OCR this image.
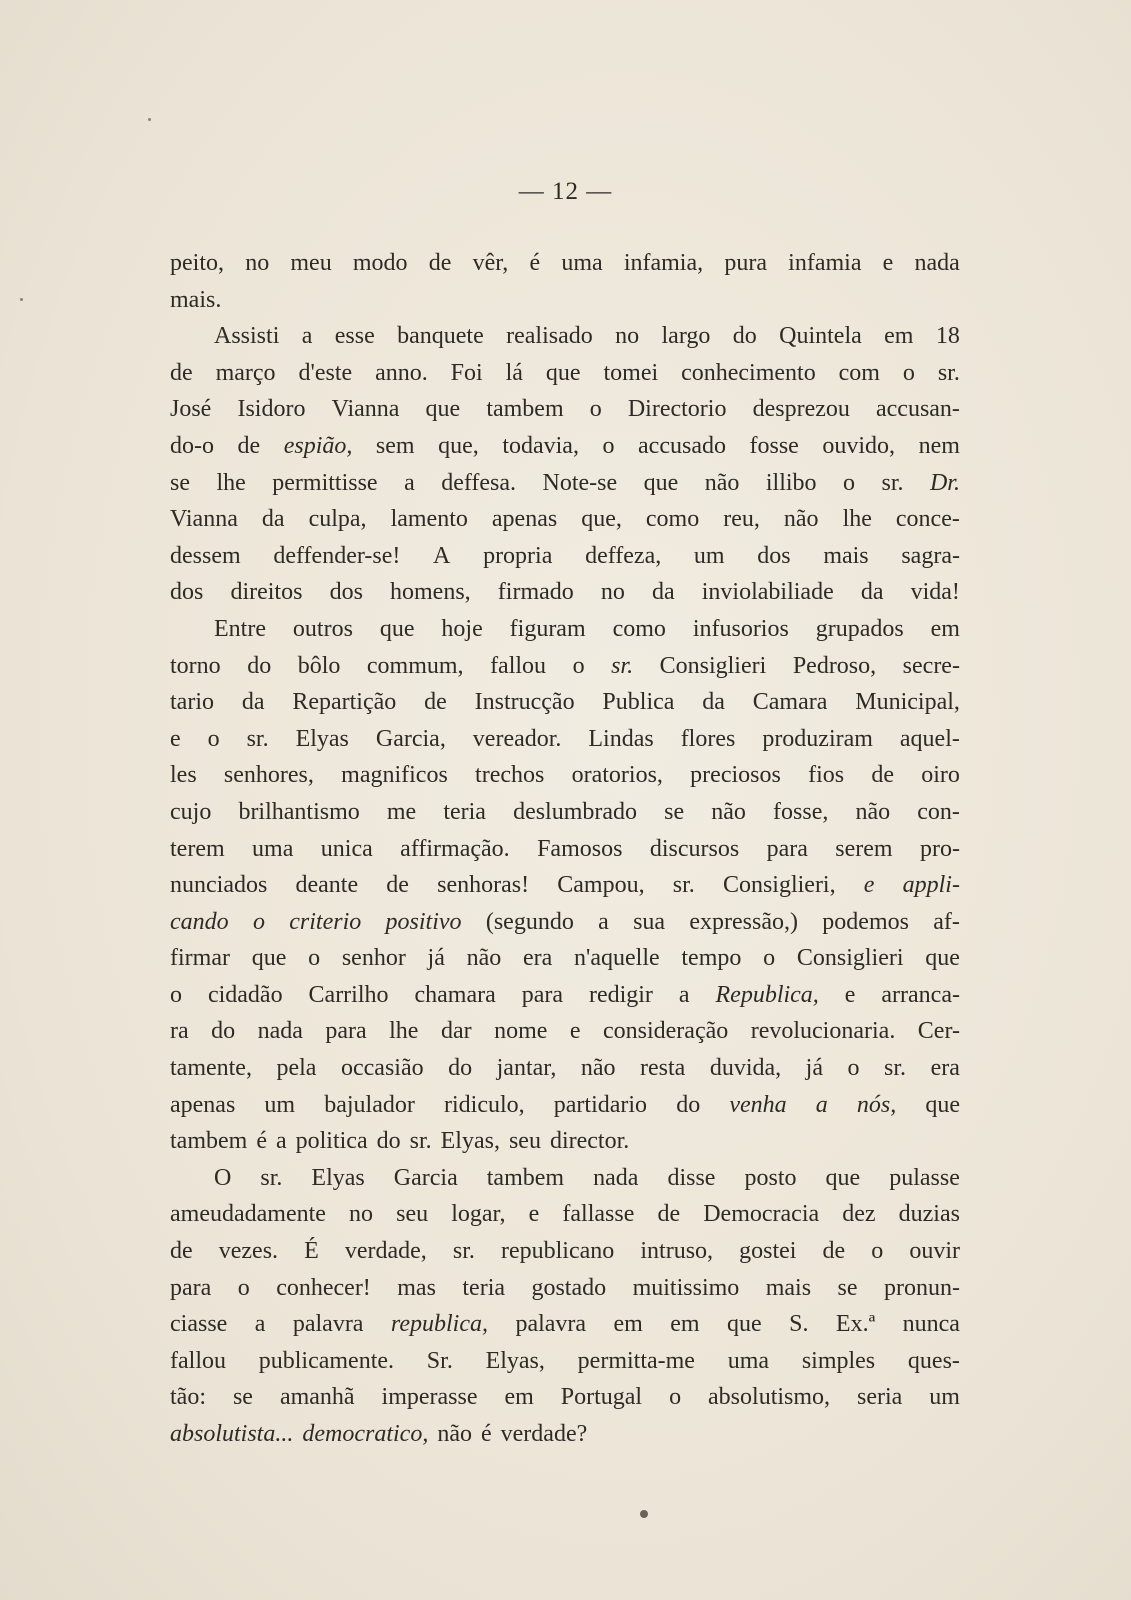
— 12 —
peito, no meu modo de vêr, é uma infamia, pura infamia e nada
mais.
Assisti a esse banquete realisado no largo do Quintela em 18
de março d'este anno. Foi lá que tomei conhecimento com o sr.
José Isidoro Vianna que tambem o Directorio desprezou accusan-
do-o de espião, sem que, todavia, o accusado fosse ouvido, nem
se lhe permittisse a deffesa. Note-se que não illibo o sr. Dr.
Vianna da culpa, lamento apenas que, como reu, não lhe conce-
dessem deffender-se! A propria deffeza, um dos mais sagra-
dos direitos dos homens, firmado no da inviolabiliade da vida!
Entre outros que hoje figuram como infusorios grupados em
torno do bôlo commum, fallou o sr. Consiglieri Pedroso, secre-
tario da Repartição de Instrucção Publica da Camara Municipal,
e o sr. Elyas Garcia, vereador. Lindas flores produziram aquel-
les senhores, magnificos trechos oratorios, preciosos fios de oiro
cujo brilhantismo me teria deslumbrado se não fosse, não con-
terem uma unica affirmação. Famosos discursos para serem pro-
nunciados deante de senhoras! Campou, sr. Consiglieri, e appli-
cando o criterio positivo (segundo a sua expressão,) podemos af-
firmar que o senhor já não era n'aquelle tempo o Consiglieri que
o cidadão Carrilho chamara para redigir a Republica, e arranca-
ra do nada para lhe dar nome e consideração revolucionaria. Cer-
tamente, pela occasião do jantar, não resta duvida, já o sr. era
apenas um bajulador ridiculo, partidario do venha a nós, que
tambem é a politica do sr. Elyas, seu director.
O sr. Elyas Garcia tambem nada disse posto que pulasse
ameudadamente no seu logar, e fallasse de Democracia dez duzias
de vezes. É verdade, sr. republicano intruso, gostei de o ouvir
para o conhecer! mas teria gostado muitissimo mais se pronun-
ciasse a palavra republica, palavra em em que S. Ex.ª nunca
fallou publicamente. Sr. Elyas, permitta-me uma simples ques-
tão: se amanhã imperasse em Portugal o absolutismo, seria um
absolutista... democratico, não é verdade?
